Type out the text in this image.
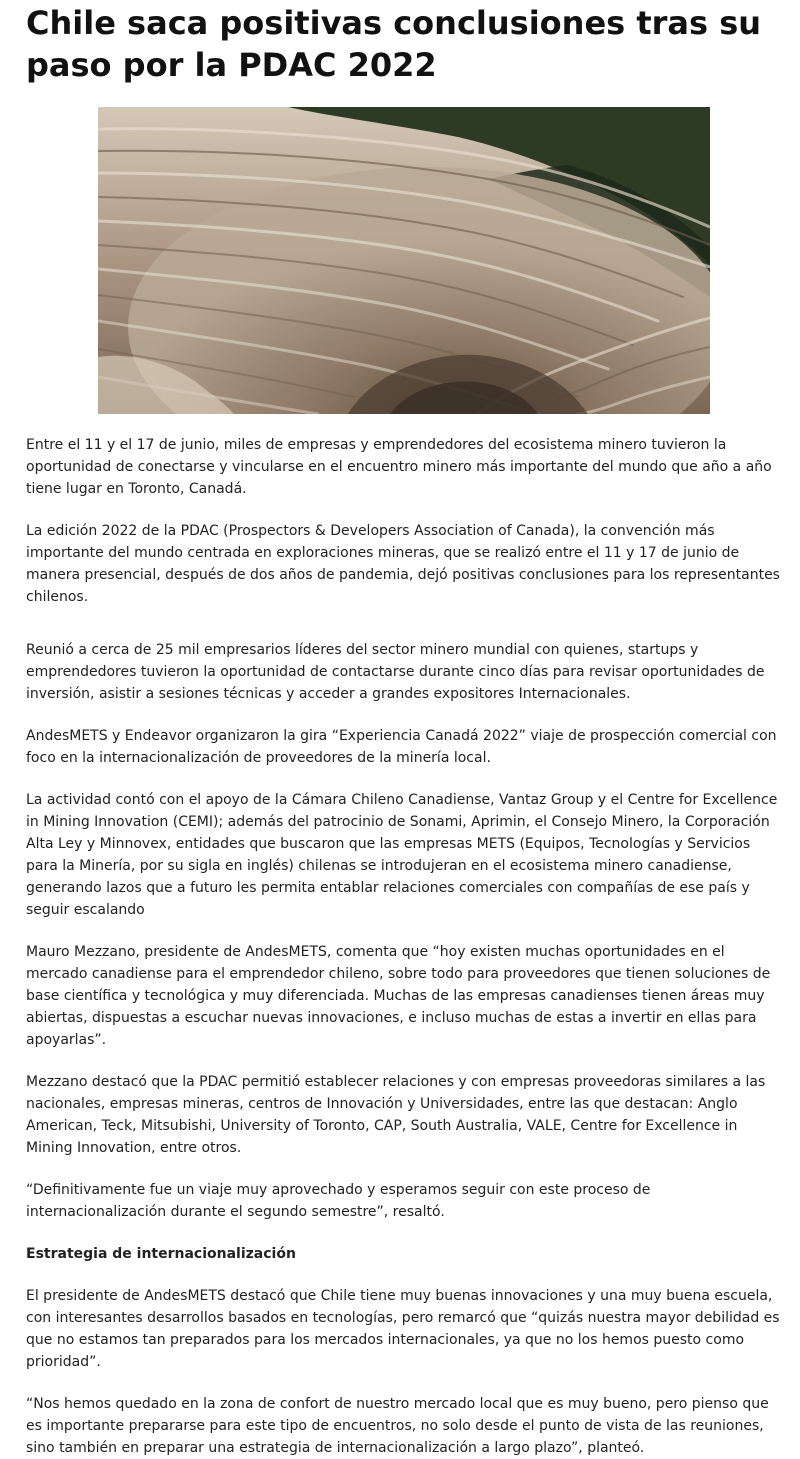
Chile saca positivas conclusiones tras su paso por la PDAC 2022

Entre el 11 y el 17 de junio, miles de empresas y emprendedores del ecosistema minero tuvieron la oportunidad de conectarse y vincularse en el encuentro minero más importante del mundo que año a año tiene lugar en Toronto, Canadá.

La edición 2022 de la PDAC (Prospectors & Developers Association of Canada), la convención más importante del mundo centrada en exploraciones mineras, que se realizó entre el 11 y 17 de junio de manera presencial, después de dos años de pandemia, dejó positivas conclusiones para los representantes chilenos.

Reunió a cerca de 25 mil empresarios líderes del sector minero mundial con quienes, startups y emprendedores tuvieron la oportunidad de contactarse durante cinco días para revisar oportunidades de inversión, asistir a sesiones técnicas y acceder a grandes expositores Internacionales.

AndesMETS y Endeavor organizaron la gira “Experiencia Canadá 2022” viaje de prospección comercial con foco en la internacionalización de proveedores de la minería local.

La actividad contó con el apoyo de la Cámara Chileno Canadiense, Vantaz Group y el Centre for Excellence in Mining Innovation (CEMI); además del patrocinio de Sonami, Aprimin, el Consejo Minero, la Corporación Alta Ley y Minnovex, entidades que buscaron que las empresas METS (Equipos, Tecnologías y Servicios para la Minería, por su sigla en inglés) chilenas se introdujeran en el ecosistema minero canadiense, generando lazos que a futuro les permita entablar relaciones comerciales con compañías de ese país y seguir escalando

Mauro Mezzano, presidente de AndesMETS, comenta que “hoy existen muchas oportunidades en el mercado canadiense para el emprendedor chileno, sobre todo para proveedores que tienen soluciones de base científica y tecnológica y muy diferenciada. Muchas de las empresas canadienses tienen áreas muy abiertas, dispuestas a escuchar nuevas innovaciones, e incluso muchas de estas a invertir en ellas para apoyarlas”.

Mezzano destacó que la PDAC permitió establecer relaciones y con empresas proveedoras similares a las nacionales, empresas mineras, centros de Innovación y Universidades, entre las que destacan: Anglo American, Teck, Mitsubishi, University of Toronto, CAP, South Australia, VALE, Centre for Excellence in Mining Innovation, entre otros.

“Definitivamente fue un viaje muy aprovechado y esperamos seguir con este proceso de internacionalización durante el segundo semestre”, resaltó.

Estrategia de internacionalización

El presidente de AndesMETS destacó que Chile tiene muy buenas innovaciones y una muy buena escuela, con interesantes desarrollos basados en tecnologías, pero remarcó que “quizás nuestra mayor debilidad es que no estamos tan preparados para los mercados internacionales, ya que no los hemos puesto como prioridad”.

“Nos hemos quedado en la zona de confort de nuestro mercado local que es muy bueno, pero pienso que es importante prepararse para este tipo de encuentros, no solo desde el punto de vista de las reuniones, sino también en preparar una estrategia de internacionalización a largo plazo”, planteó.
